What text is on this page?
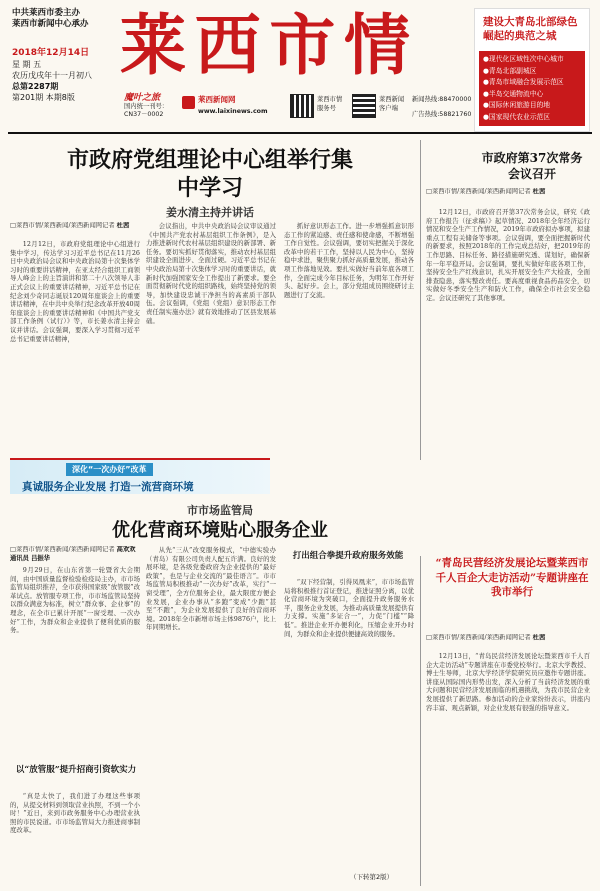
中共莱西市委主办
莱西市新闻中心承办
2018年12月14日
星 期 五
农历戊戌年十一月初八
总第2287期
第201期 本期8版
莱 西 市 情	建设大青岛北部绿色崛起的典范之城
●现代化区域性次中心城市
●青岛北部副城区
●青岛市域融合发展示范区
●半岛交通物流中心
●国际休闲旅游目的地
●国家现代农业示范区
魔叶之旅
国内统一刊号：
CN37－0002
莱西新闻网
www.laixinews.com
莱西市情服务号
莱西新闻客户端
新闻热线:88470000
广告热线:58821760
市政府党组理论中心组举行集中学习
姜水清主持并讲话
□莱西市情/莱西新闻/莱西新闻网记者 杜茜

12月12日，市政府党组理论中心组进行集中学习，传达学习习近平总书记在11月26日中央政治局会议和中央政治局第十次集体学习时的重要讲话精神，在亚太经合组织工商领导人峰会上的主旨演讲和第二十八次领导人非正式会议上的重要讲话精神，习近平总书记在纪念刘少奇同志诞辰120周年座谈会上的重要讲话精神，在中共中央举行纪念改革开放40周年座谈会上的重要讲话精神和《中国共产党支部工作条例（试行）》等，市长姜水清主持会议并讲话。会议强调，要深入学习贯彻习近平总书记重要讲话精神，

会议指出，中共中央政治局会议审议通过《中国共产党农村基层组织工作条例》，是入力推进新时代农村基层组织建设的新部署、新任务。要切实抓好贯彻落实，推动农村基层组织建设全面进步、全面过硬。习近平总书记在中央政治局第十次集体学习时的重要讲话，就新时代加强国家安全工作提出了新要求。要全面贯彻新时代党的组织路线，始终坚持党的领导，加快建设忠诚干净担当的高素质干部队伍。会议强调，《党组（党组）意识形态工作责任制实施办法》就有效地推动了区县发展基础。

抓好意识形态工作。进一步增强抓意识形态工作的紧迫感、责任感和使命感，不断增强工作自觉性。会议强调，要切实把握关于深化改革中的若干工作，坚持以人民为中心，坚持稳中求进，聚焦聚力抓好高质量发展，推动各项工作落地见效。要扎实做好当前年底各项工作，全面完成今年目标任务，为明年工作开好头、起好步。会上，部分党组成员围绕研讨主题进行了交流。

市政府第37次常务会议召开
□莱西市情/莱西新闻/莱西新闻网记者 杜茜

12月12日，市政府召开第37次常务会议，研究《政府工作报告（征求稿）》起草情况、2018年全年经济运行情况和安全生产工作情况，2019年市政府拟办事项，拟建重点工程有关储备等事项。会议强调，要全面把握新时代的新要求，按照2018年的工作完成总结好，把2019年的工作思路、目标任务、路径措施研究透、谋划好，确保新年一年平稳开局。会议强调，要扎实做好年底各项工作，坚持安全生产红线意识，扎实开展安全生产大检查，全面排查隐患，落实整改责任。要高度重视食品药品安全，切实做好冬季安全生产和防火工作，确保全市社会安全稳定。会议还研究了其他事项。

深化“一次办好”改革
真诚服务企业发展 打造一流营商环境
市市场监管局
优化营商环境贴心服务企业
□莱西市情/莱西新闻/莱西新闻网记者 高欢欢 通讯员 吕振华

9月29日，在山东省第一轮暨省大会期间，由中国质量监督检验检疫局主办，市市场监管局组织推荐，全市获得国家级“放管服”改革试点。放管服专项工作，市市场监管局坚持以群众满意为标准，树立“群众事、企业事”的理念，在全市已累计开展“一窗受理、一次办好”工作，为群众和企业提供了便利优质的服务。

以“放管服”提升招商引资软实力

“真是太快了，我们进了办理这些事项的，从提交材料到领取营业执照，不到一个小时！”近日，来到市政务服务中心办理营业执照的市民说道。市市场监管局大力推进商事制度改革。

从先“三从”改变服务模式，“中德实验办（青岛）有限公司负责人配五许满。良好的发展环境，是各级党委政府为企业提供的“最好政策”，也是与企业交流的“最佳语言”。市市场监管局积极推动“一次办好”改革，实行“一窗受理”，全方位服务企业，最大限度方便企业发展，企业办事从“多跑”变成“少跑”甚至“不跑”，为企业发展提供了良好的营商环境。2018年全市新增市场主体9876户，比上年同期增长。

打出组合拳提升政府服务效能

“双下经营制，引得凤凰来”，市市场监管局将积极推行首证登记，推进证照分离，以优化营商环境为突破口，全面提升政务服务水平，服务企业发展，为推动高质量发展提供有力支撑。实施“多证合一”，力促“门槛”“降低”。推进企业开办便利化，压缩企业开办时间，为群众和企业提供便捷高效的服务。

（下转第2版）
“青岛民营经济发展论坛暨莱西市千人百企大走访活动”专题讲座在我市举行
□莱西市情/莱西新闻/莱西新闻网记者 杜茜

12月13日，“青岛民营经济发展论坛暨莱西市千人百企大走访活动”专题讲座在市委党校举行。北京大学教授、博士生导师，北京大学经济学院研究员应邀作专题讲座。讲座从国际国内形势出发，深入分析了当前经济发展的重大问题和民营经济发展面临的机遇挑战，为我市民营企业发展提供了新思路。参加活动的企业家纷纷表示，讲座内容丰富、观点新颖，对企业发展有很强的指导意义。
